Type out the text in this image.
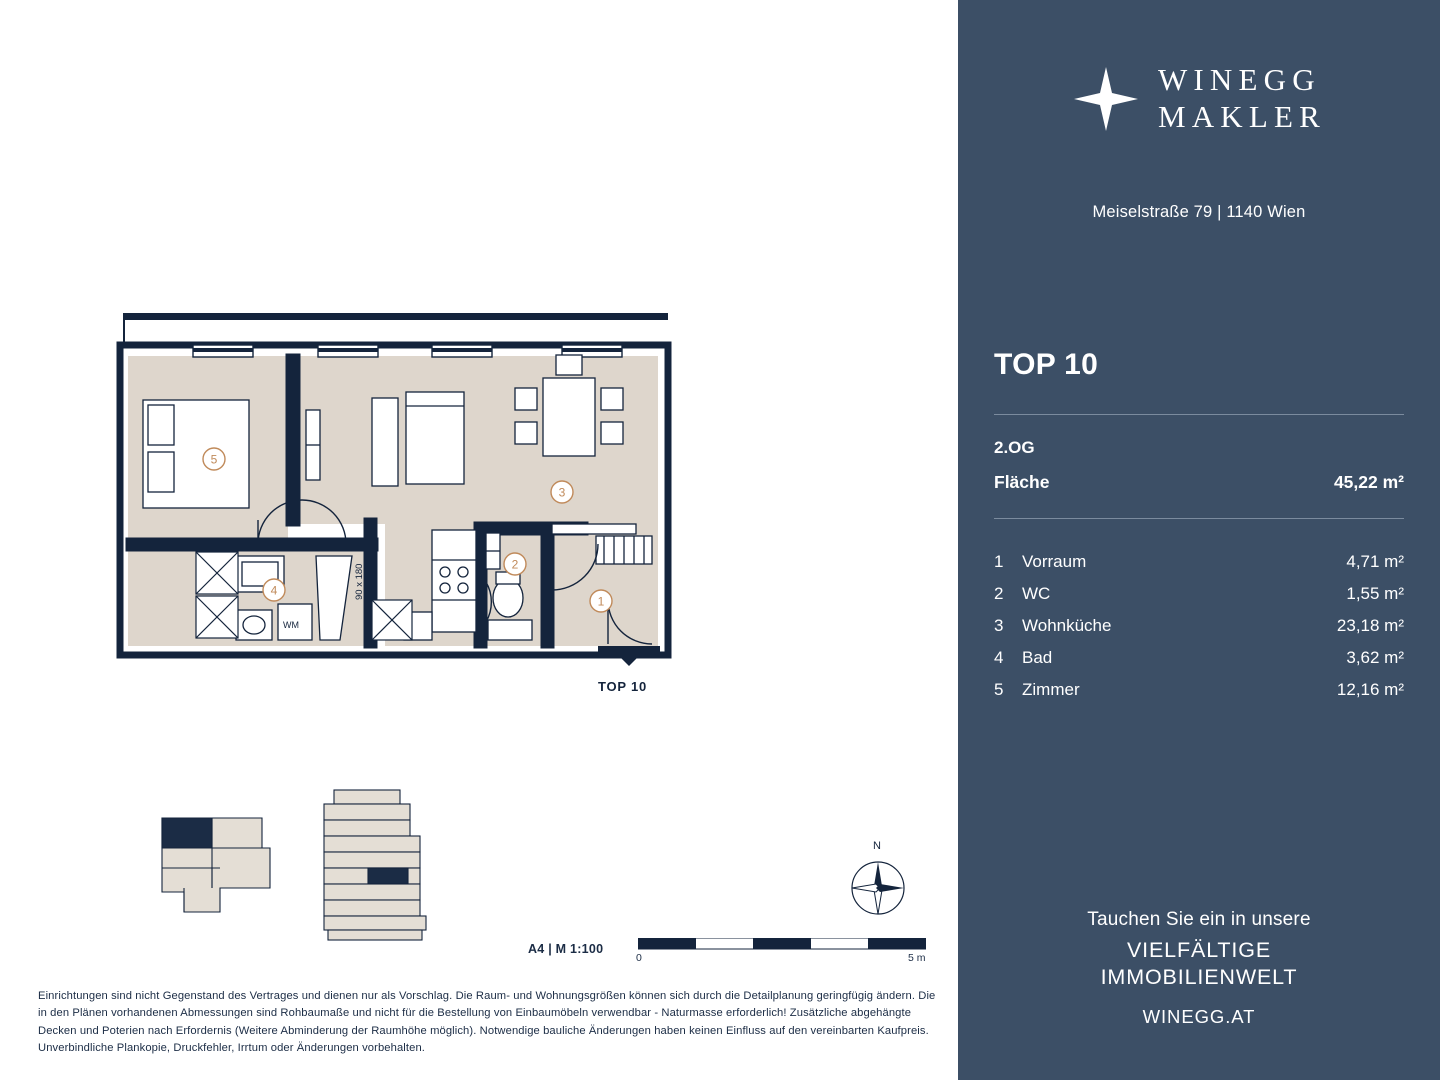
WM
90 x 180
5
4
3
2
1
TOP 10
N
A4 | M 1:100
0	5 m
Einrichtungen sind nicht Gegenstand des Vertrages und dienen nur als Vorschlag. Die Raum- und Wohnungsgrößen können sich durch die Detailplanung geringfügig ändern. Die in den Plänen vorhandenen Abmessungen sind Rohbaumaße und nicht für die Bestellung von Einbaumöbeln verwendbar - Naturmasse erforderlich! Zusätzliche abgehängte Decken und Poterien nach Erfordernis (Weitere Abminderung der Raumhöhe möglich). Notwendige bauliche Änderungen haben keinen Einfluss auf den vereinbarten Kaufpreis. Unverbindliche Plankopie, Druckfehler, Irrtum oder Änderungen vorbehalten.
WINEGG
MAKLER
Meiselstraße 79 | 1140 Wien
TOP 10
2.OG
Fläche	45,22 m²
1	Vorraum	4,71 m²
2	WC	1,55 m²
3	Wohnküche	23,18 m²
4	Bad	3,62 m²
5	Zimmer	12,16 m²
Tauchen Sie ein in unsere
VIELFÄLTIGE
IMMOBILIENWELT
WINEGG.AT
